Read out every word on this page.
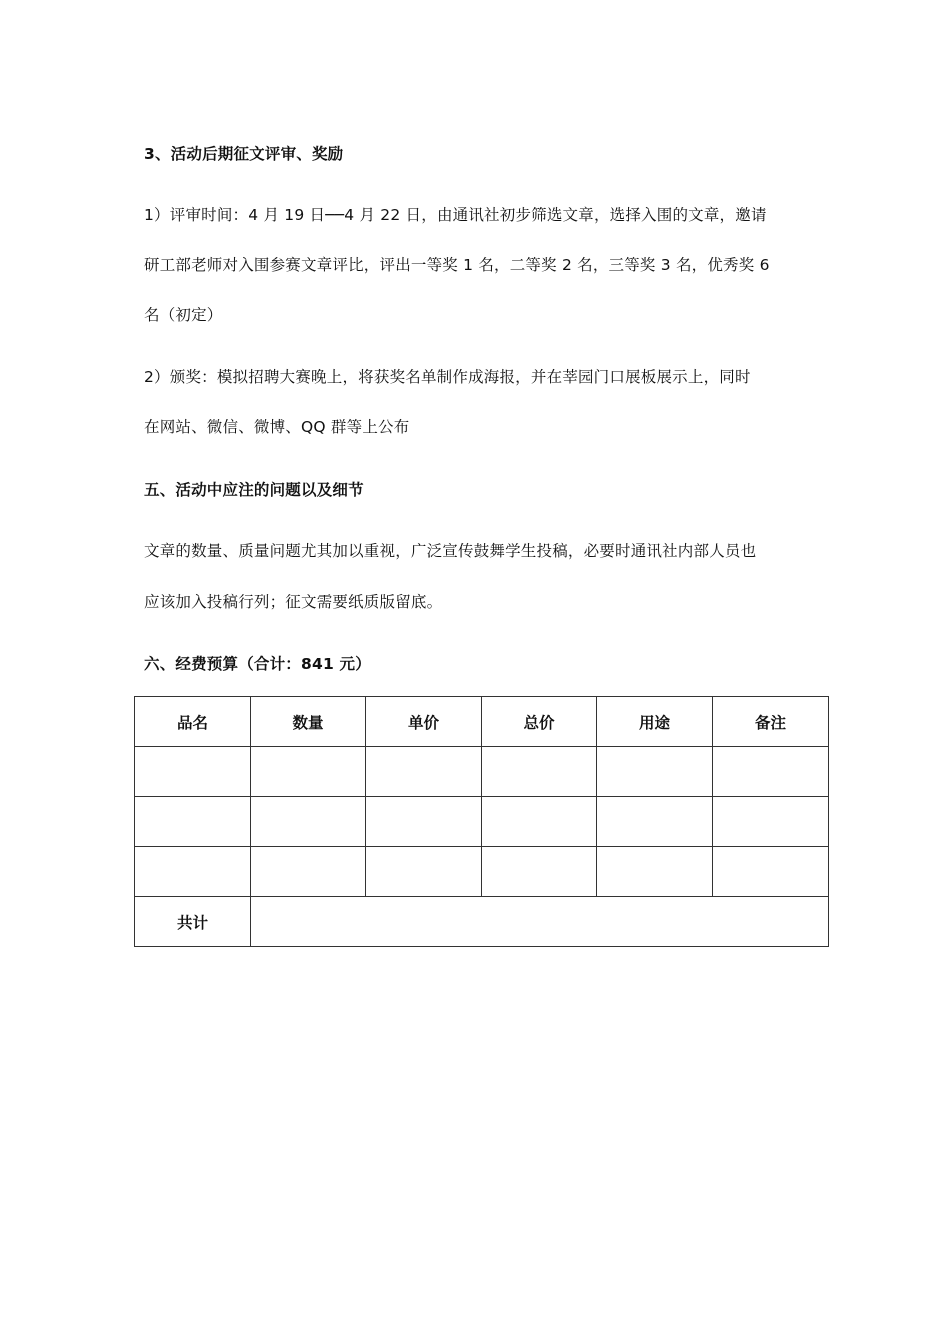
3、活动后期征文评审、奖励
1）评审时间：4 月 19 日──4 月 22 日，由通讯社初步筛选文章，选择入围的文章，邀请
研工部老师对入围参赛文章评比，评出一等奖 1 名，二等奖 2 名，三等奖 3 名，优秀奖 6
名（初定）
2）颁奖：模拟招聘大赛晚上，将获奖名单制作成海报，并在莘园门口展板展示上，同时
在网站、微信、微博、QQ 群等上公布
五、活动中应注的问题以及细节
文章的数量、质量问题尤其加以重视，广泛宣传鼓舞学生投稿，必要时通讯社内部人员也
应该加入投稿行列；征文需要纸质版留底。
六、经费预算（合计：841 元）
品名	数量	单价	总价	用途	备注

共计					
